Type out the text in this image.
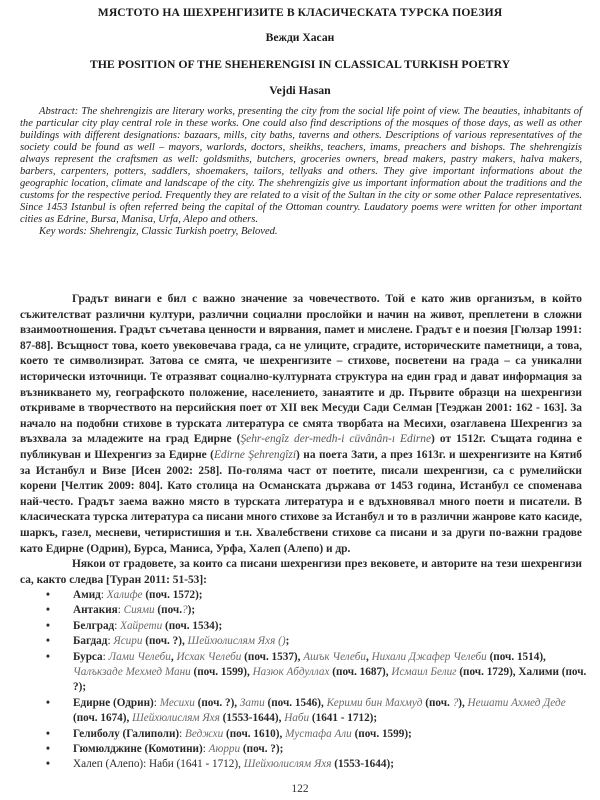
МЯСТОТО НА ШЕХРЕНГИЗИТЕ В КЛАСИЧЕСКАТА ТУРСКА ПОЕЗИЯ
Вежди Хасан
THE POSITION OF THE SHEHERENGISI IN CLASSICAL TURKISH POETRY
Vejdi Hasan

Abstract: The shehrengizis are literary works, presenting the city from the social life point of view. The beauties, inhabitants of the particular city play central role in these works. One could also find descriptions of the mosques of those days, as well as other buildings with different designations: bazaars, mills, city baths, taverns and others. Descriptions of various representatives of the society could be found as well – mayors, warlords, doctors, sheikhs, teachers, imams, preachers and bishops. The shehrengizis always represent the craftsmen as well: goldsmiths, butchers, groceries owners, bread makers, pastry makers, halva makers, barbers, carpenters, potters, saddlers, shoemakers, tailors, tellyaks and others. They give important informations about the geographic location, climate and landscape of the city. The shehrengizis give us important information about the traditions and the customs for the respective period. Frequently they are related to a visit of the Sultan in the city or some other Palace representatives. Since 1453 Istanbul is often referred being the capital of the Ottoman country. Laudatory poems were written for other important cities as Edrine, Bursa, Manisa, Urfa, Alepo and others.

Key words: Shehrengiz, Classic Turkish poetry, Beloved.

Градът винаги е бил с важно значение за човечеството. Той е като жив организъм, в който съжителстват различни култури, различни социални прослойки и начин на живот, преплетени в сложни взаимоотношения. Градът съчетава ценности и вярвания, памет и мислене. Градът е и поезия [Гюлзар 1991: 87-88]. Всъщност това, което увековечава града, са не улиците, сградите, историческите паметници, а това, което те символизират. Затова се смята, че шехренгизите – стихове, посветени на града – са уникални исторически източници. Те отразяват социално-културната структура на един град и дават информация за възникването му, географското положение, населението, занаятите и др. Първите образци на шехренгизи откриваме в творчеството на персийския поет от XII век Месуди Сади Селман [Теэджан 2001: 162 - 163]. За начало на подобни стихове в турската литература се смята творбата на Месихи, озаглавена Шехренгиз за възхвала за младежите на град Едирне (Şehr-engîz der-medh-i cüvânân-ı Edirne) от 1512г. Същата година е публикуван и Шехренгиз за Едирне (Edirne Şehrengîzi) на поета Зати, а през 1613г. и шехренгизите на Кятиб за Истанбул и Визе [Исен 2002: 258]. По-голяма част от поетите, писали шехренгизи, са с румелийски корени [Челтик 2009: 804]. Като столица на Османската държава от 1453 година, Истанбул се споменава най-често. Градът заема важно място в турската литература и е вдъхновявал много поети и писатели. В класическата турска литература са писани много стихове за Истанбул и то в различни жанрове като касиде, шаркъ, газел, месневи, четиристишия и т.н. Хвалебствени стихове са писани и за други по-важни градове като Едирне (Одрин), Бурса, Маниса, Урфа, Халеп (Алепо) и др.

Някои от градовете, за които са писани шехренгизи през вековете, и авторите на тези шехренгизи са, както следва [Туран 2011: 51-53]:

• Амид: Халифе (поч. 1572);
• Антакия: Сиями (поч.?);
• Белград: Хайрети (поч. 1534);
• Багдад: Ясири (поч. ?), Шейхюлислям Яхя ();
• Бурса: Лами Челеби, Исхак Челеби (поч. 1537), Ашък Челеби, Нихали Джафер Челеби (поч. 1514), Чалъкзаде Мехмед Мани (поч. 1599), Назюк Абдуллах (поч. 1687), Исмаил Белиг (поч. 1729), Халими (поч. ?);
• Едирне (Одрин): Месихи (поч. ?), Зати (поч. 1546), Керими бин Махмуд (поч. ?), Нешати Ахмед Деде (поч. 1674), Шейхюлислям Яхя (1553-1644), Наби (1641 - 1712);
• Гелиболу (Галиполи): Веджхи (поч. 1610), Мустафа Али (поч. 1599);
• Гюмюлджине (Комотини): Аюрри (поч. ?);
• Халеп (Алепо): Наби (1641 - 1712), Шейхюлислям Яхя (1553-1644);
122
